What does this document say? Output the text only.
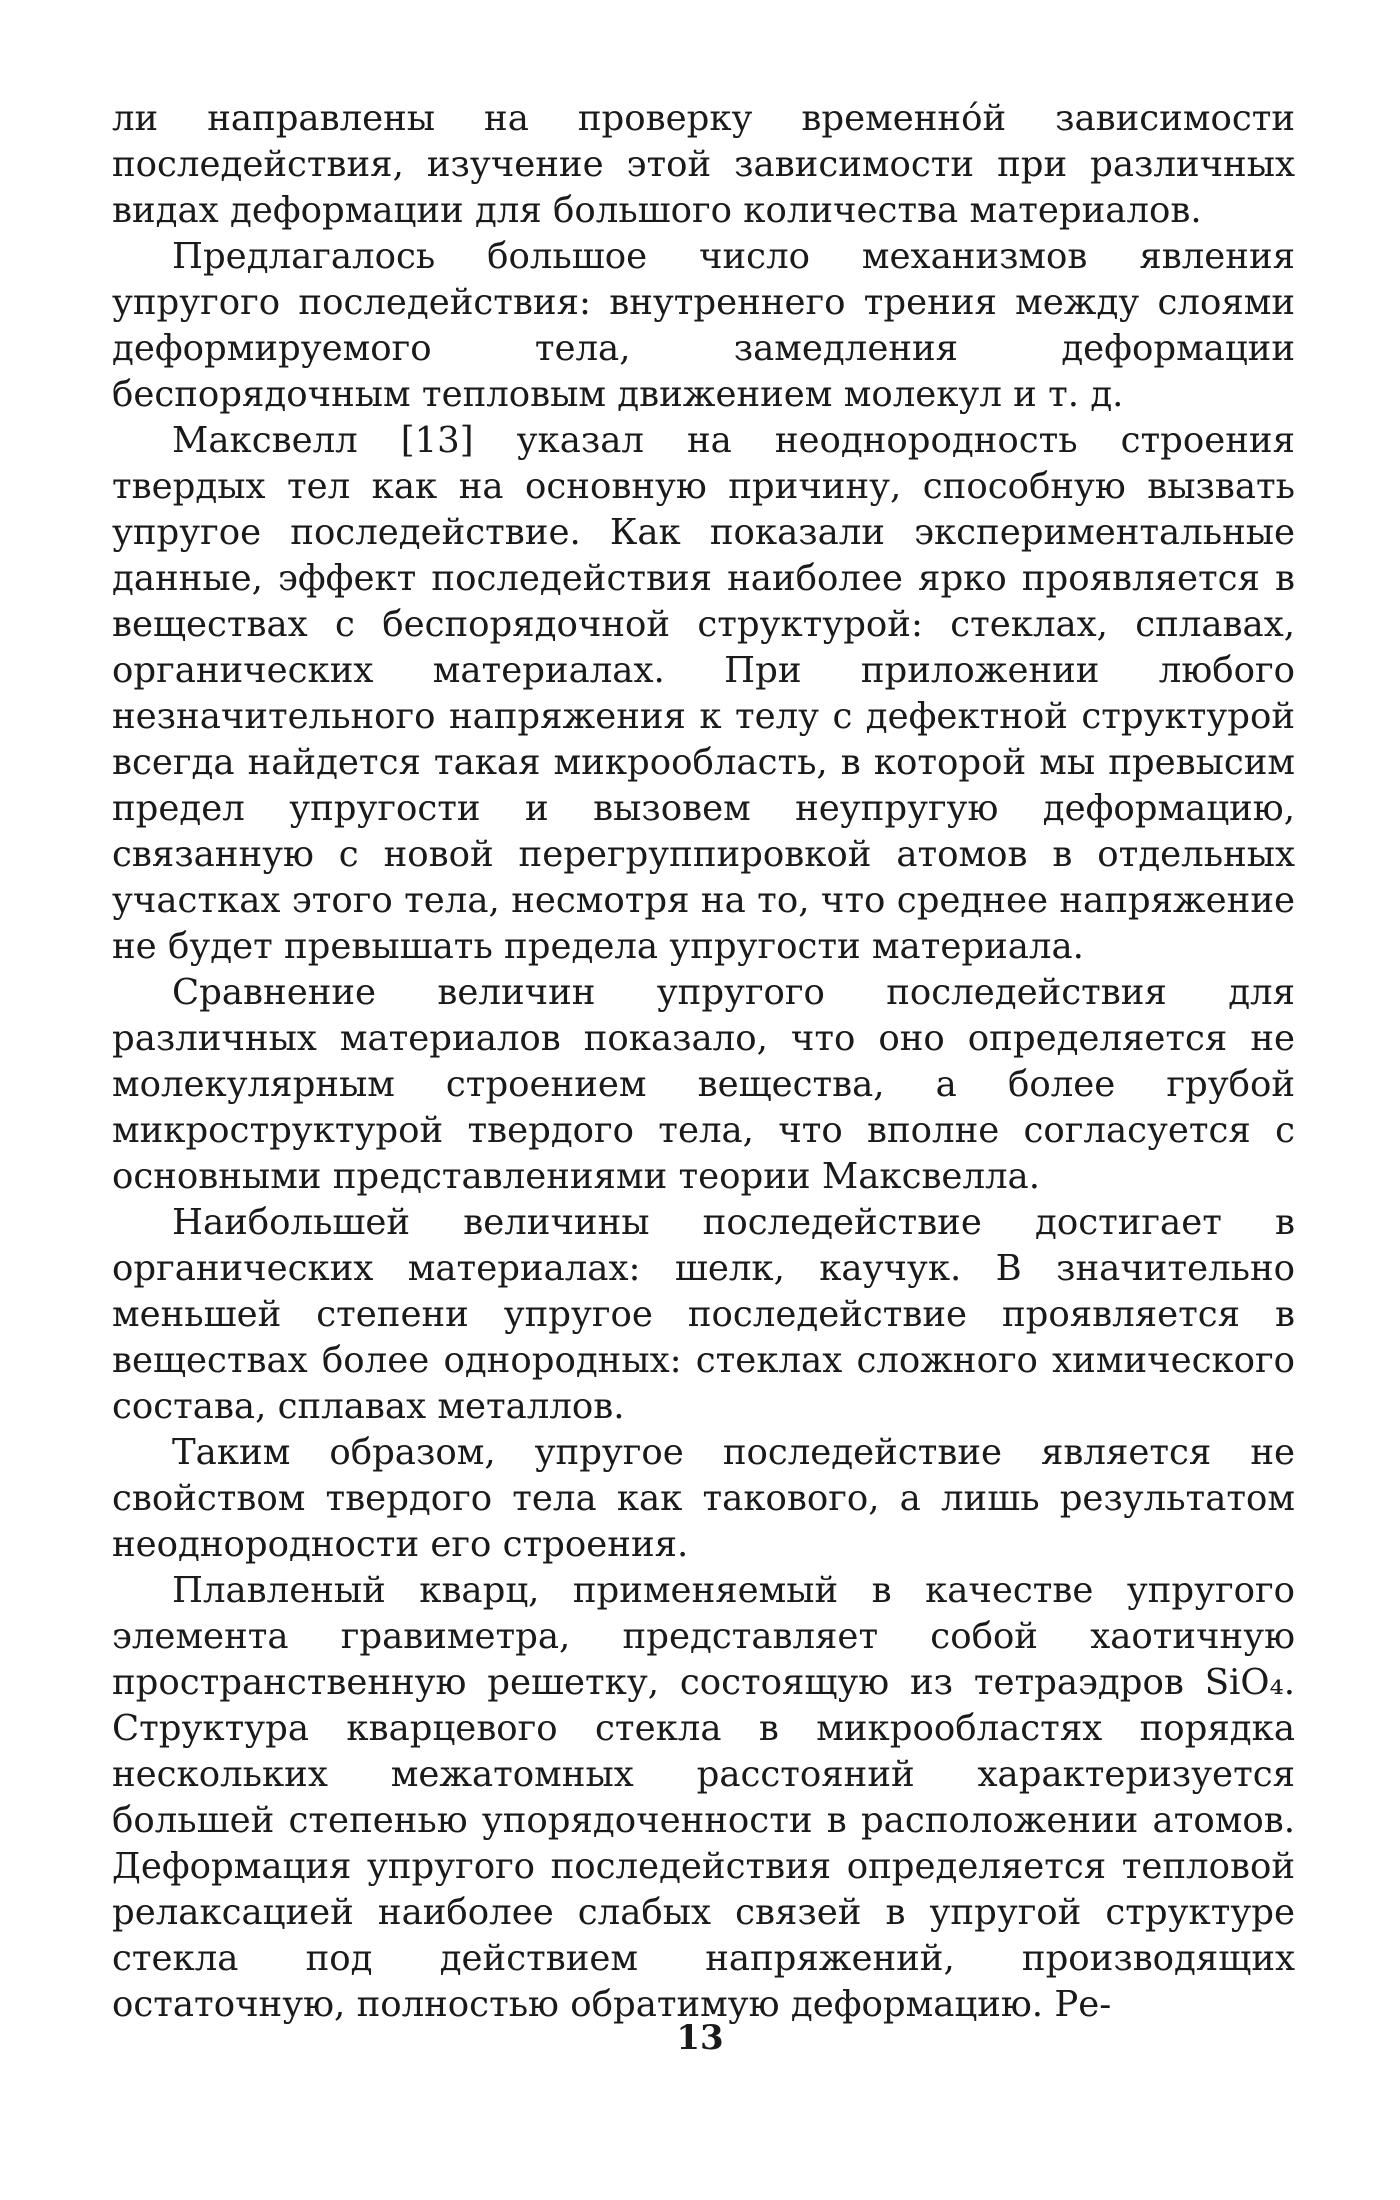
ли направлены на проверку временно́й зависимости последействия, изучение этой зависимости при различных видах деформации для большого количества материалов.

Предлагалось большое число механизмов явления упругого последействия: внутреннего трения между слоями деформируемого тела, замедления деформации беспорядочным тепловым движением молекул и т. д.

Максвелл [13] указал на неоднородность строения твердых тел как на основную причину, способную вызвать упругое последействие. Как показали экспериментальные данные, эффект последействия наиболее ярко проявляется в веществах с беспорядочной структурой: стеклах, сплавах, органических материалах. При приложении любого незначительного напряжения к телу с дефектной структурой всегда найдется такая микрообласть, в которой мы превысим предел упругости и вызовем неупругую деформацию, связанную с новой перегруппировкой атомов в отдельных участках этого тела, несмотря на то, что среднее напряжение не будет превышать предела упругости материала.

Сравнение величин упругого последействия для различных материалов показало, что оно определяется не молекулярным строением вещества, а более грубой микроструктурой твердого тела, что вполне согласуется с основными представлениями теории Максвелла.

Наибольшей величины последействие достигает в органических материалах: шелк, каучук. В значительно меньшей степени упругое последействие проявляется в веществах более однородных: стеклах сложного химического состава, сплавах металлов.

Таким образом, упругое последействие является не свойством твердого тела как такового, а лишь результатом неоднородности его строения.

Плавленый кварц, применяемый в качестве упругого элемента гравиметра, представляет собой хаотичную пространственную решетку, состоящую из тетраэдров SiO₄. Структура кварцевого стекла в микрообластях порядка нескольких межатомных расстояний характеризуется большей степенью упорядоченности в расположении атомов. Деформация упругого последействия определяется тепловой релаксацией наиболее слабых связей в упругой структуре стекла под действием напряжений, производящих остаточную, полностью обратимую деформацию. Ре-

13
